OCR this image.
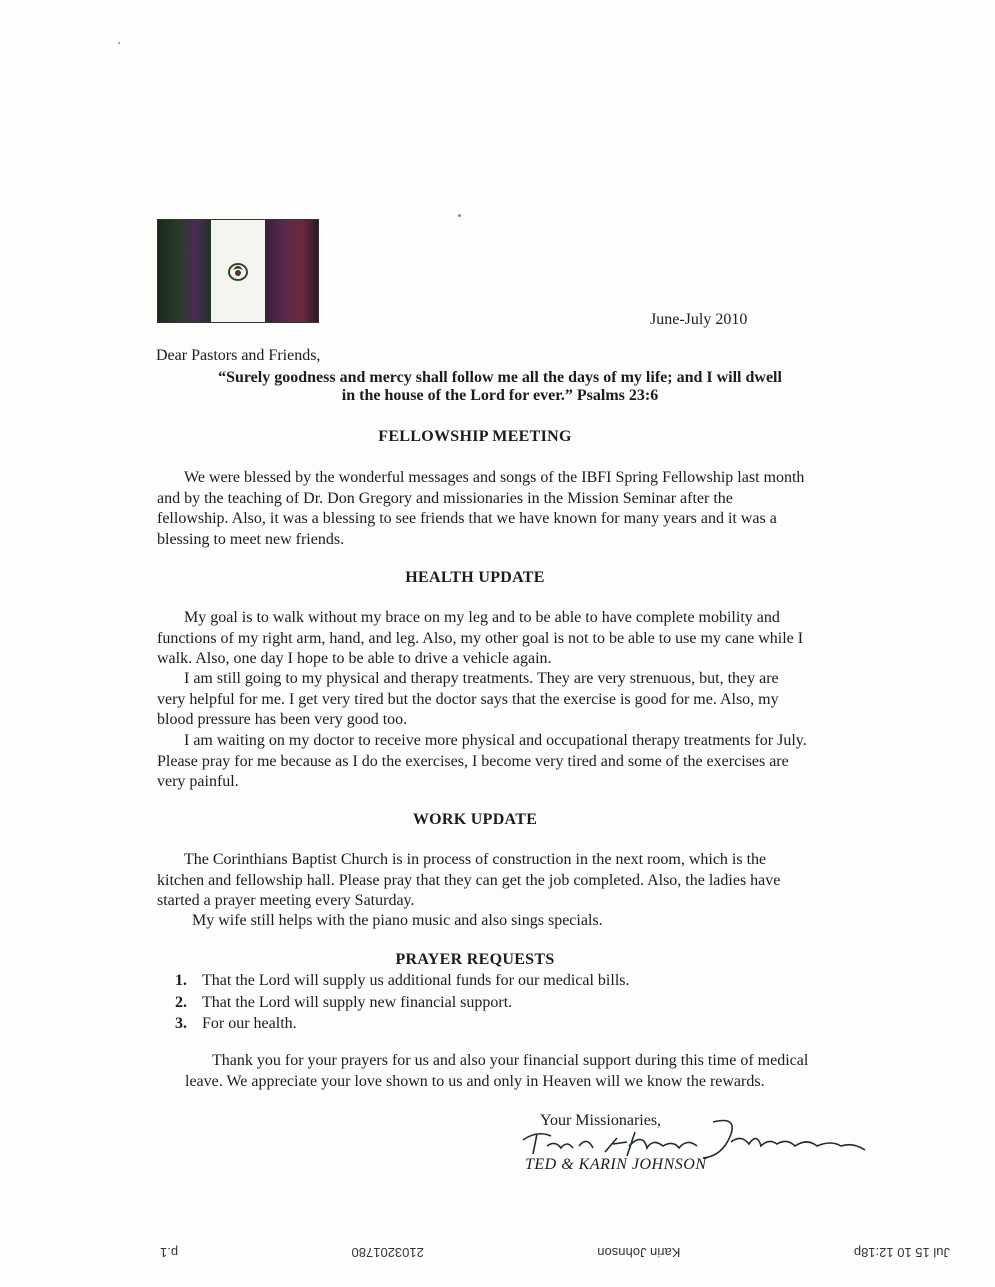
June-July 2010
Dear Pastors and Friends,
“Surely goodness and mercy shall follow me all the days of my life; and I will dwell
in the house of the Lord for ever.” Psalms 23:6
FELLOWSHIP MEETING

We were blessed by the wonderful messages and songs of the IBFI Spring Fellowship last month and by the teaching of Dr. Don Gregory and missionaries in the Mission Seminar after the fellowship. Also, it was a blessing to see friends that we have known for many years and it was a blessing to meet new friends.

HEALTH UPDATE

My goal is to walk without my brace on my leg and to be able to have complete mobility and functions of my right arm, hand, and leg. Also, my other goal is not to be able to use my cane while I walk. Also, one day I hope to be able to drive a vehicle again.

I am still going to my physical and therapy treatments. They are very strenuous, but, they are very helpful for me. I get very tired but the doctor says that the exercise is good for me. Also, my blood pressure has been very good too.

I am waiting on my doctor to receive more physical and occupational therapy treatments for July. Please pray for me because as I do the exercises, I become very tired and some of the exercises are very painful.

WORK UPDATE

The Corinthians Baptist Church is in process of construction in the next room, which is the kitchen and fellowship hall. Please pray that they can get the job completed. Also, the ladies have started a prayer meeting every Saturday.

My wife still helps with the piano music and also sings specials.

PRAYER REQUESTS
1. That the Lord will supply us additional funds for our medical bills.
2. That the Lord will supply new financial support.
3. For our health.

Thank you for your prayers for us and also your financial support during this time of medical leave. We appreciate your love shown to us and only in Heaven will we know the rewards.

Your Missionaries,
TED & KARIN JOHNSON
Jul 15 10 12:18p
Karin Johnson
2103201780
p.1
